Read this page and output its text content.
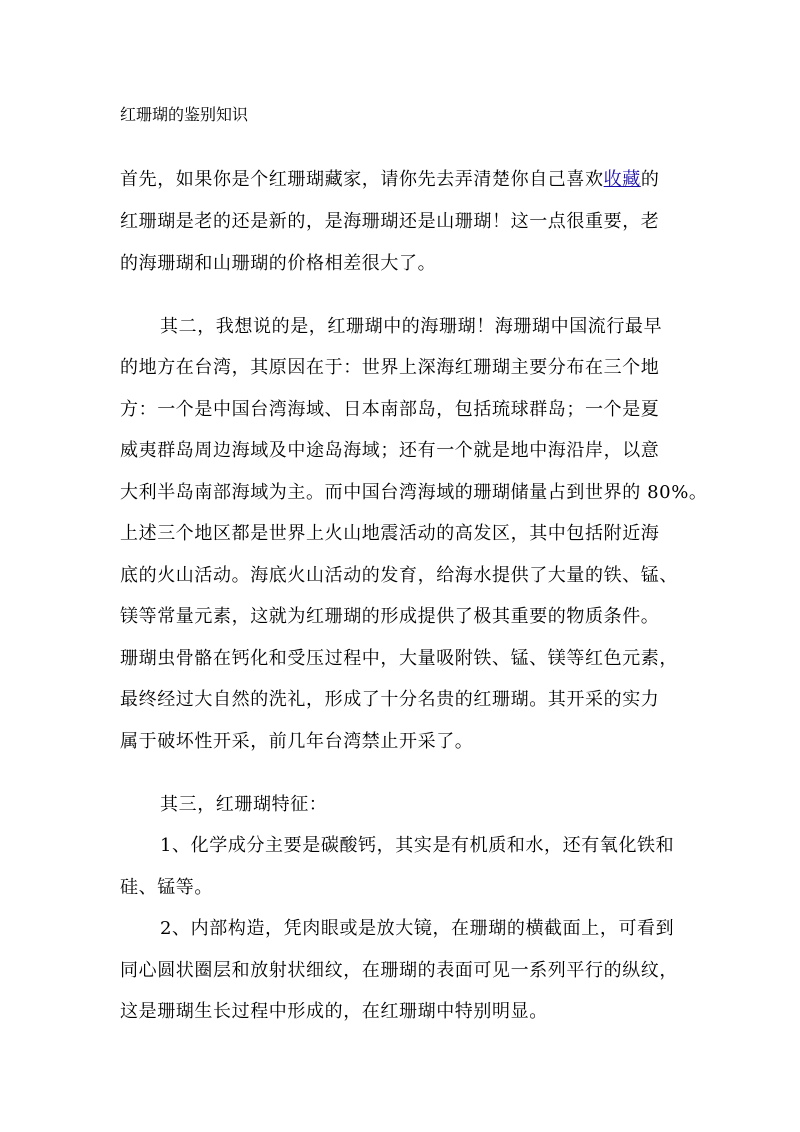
红珊瑚的鉴别知识
首先，如果你是个红珊瑚藏家，请你先去弄清楚你自己喜欢收藏的
红珊瑚是老的还是新的，是海珊瑚还是山珊瑚！这一点很重要，老
的海珊瑚和山珊瑚的价格相差很大了。
其二，我想说的是，红珊瑚中的海珊瑚！海珊瑚中国流行最早
的地方在台湾，其原因在于：世界上深海红珊瑚主要分布在三个地
方：一个是中国台湾海域、日本南部岛，包括琉球群岛；一个是夏
威夷群岛周边海域及中途岛海域；还有一个就是地中海沿岸，以意
大利半岛南部海域为主。而中国台湾海域的珊瑚储量占到世界的 80%。
上述三个地区都是世界上火山地震活动的高发区，其中包括附近海
底的火山活动。海底火山活动的发育，给海水提供了大量的铁、锰、
镁等常量元素，这就为红珊瑚的形成提供了极其重要的物质条件。
珊瑚虫骨骼在钙化和受压过程中，大量吸附铁、锰、镁等红色元素，
最终经过大自然的洗礼，形成了十分名贵的红珊瑚。其开采的实力
属于破坏性开采，前几年台湾禁止开采了。
其三，红珊瑚特征：
1、化学成分主要是碳酸钙，其实是有机质和水，还有氧化铁和
硅、锰等。
2、内部构造，凭肉眼或是放大镜，在珊瑚的横截面上，可看到
同心圆状圈层和放射状细纹，在珊瑚的表面可见一系列平行的纵纹，
这是珊瑚生长过程中形成的，在红珊瑚中特别明显。
